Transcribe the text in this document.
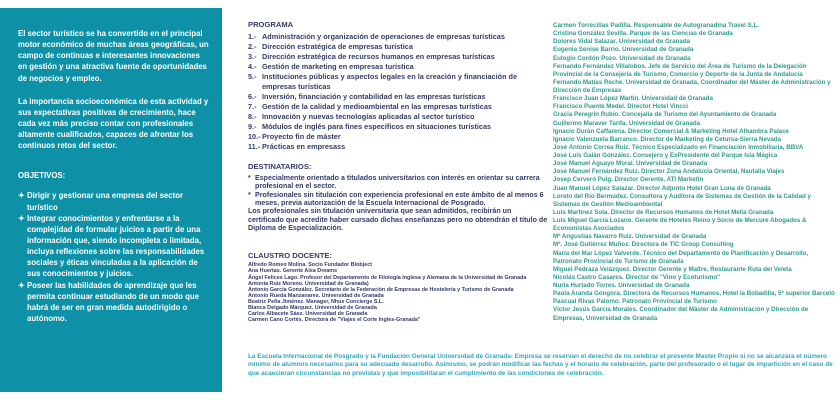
El sector turístico se ha convertido en el principal motor económico de muchas áreas geográficas, un campo de continuas e interesantes innovaciones en gestión y una atractiva fuente de oportunidades de negocios y empleo.

La importancia socioeconómica de esta actividad y sus expectativas positivas de crecimiento, hace cada vez más preciso contar con profesionales altamente cualificados, capaces de afrontar los continuos retos del sector.

OBJETIVOS:
✦ Dirigir y gestionar una empresa del sector turístico
✦ Integrar conocimientos y enfrentarse a la complejidad de formular juicios a partir de una información que, siendo incompleta o limitada, incluya reflexiones sobre las responsabilidades sociales y éticas vinculadas a la aplicación de sus conocimientos y juicios.
✦ Poseer las habilidades de aprendizaje que les permita continuar estudiando de un modo que habrá de ser en gran medida autodirigido o autónomo.
PROGRAMA
1.- Administración y organización de operaciones de empresas turísticas
2.- Dirección estratégica de empresas turística
3.- Dirección estratégica de recursos humanos en empresas turísticas
4.- Gestión de marketing en empresas turística
5.- Instituciones públicas y aspectos legales en la creación y financiación de empresas turísticas
6.- Inversión, financiación y contabilidad en las empresas turísticas
7.- Gestión de la calidad y medioambiental en las empresas turísticas
8.- Innovación y nuevas tecnologías aplicadas al sector turístico
9.- Módulos de inglés para fines específicos en situaciones turísticas
10.- Proyecto fin de máster
11.- Prácticas en empresass
DESTINATARIOS:
* Especialmente orientado a titulados universitarios con interés en orientar su carrera profesional en el sector.
* Profesionales sin titulación con experiencia profesional en este ámbito de al menos 6 meses, previa autorización de la Escuela Internacional de Posgrado.

Los profesionales sin titulación universitaria que sean admitidos, recibirán un certificado que acredite haber cursado dichas enseñanzas pero no obtendrán el título de Diploma de Especialización.

CLAUSTRO DOCENTE:
Alfredo Romeo Molina. Socio Fundador Blobject
Ana Huertas. Gerente Aixa Dreams
Ángel Felices Lago. Profesor del Departamento de Filología Inglesa y Alemana de la Universidad de Granada
Antonia Ruiz Moreno. Universidad de Granada)
Antonio García González. Secretario de la Federación de Empresas de Hostelería y Turismo de Granada
Antonio Rueda Manzanares. Universidad de Granada
Beatriz Peña Jiménez. Manager, Nhue Concierge S.L.
Blanca Delgado Márquez. Universidad de Granada
Carlos Albacete Sáez. Universidad de Granada
Carmen Cano Cortés. Directora de "Viajes el Corte Ingles-Granada"
Carmen Torrecillas Padilla. Responsable de Autogranadina Travel S.L.
Cristina González Sevilla. Parque de las Ciencias de Granada
Dolores Vidal Salazar. Universidad de Granada
Eugenia Senise Barrio. Universidad de Granada
Eulogio Cordón Pozo. Universidad de Granada
Fernando Fernández Villalobos. Jefe de Servicio del Área de Turismo de la Delegación Provincial de la Consejería de Turismo, Comercio y Deporte de la Junta de Andalucía
Fernando Matías Reche. Universidad de Granada, Coordinador del Máster de Administración y Dirección de Empresas
Francisco Juan López Martín. Universidad de Granada
Francisco Puente Medel. Director Hotel Vincci
Gracia Peregrin Rubio. Concejalía de Turismo del Ayuntamiento de Granada
Guillermo Maraver Tarifa. Universidad de Granada
Ignacio Durán Caffarena. Director Comercial & Marketing Hotel Alhambra Palace
Ignacio Valenzuela Barranco. Director de Marketing de Cetursa-Sierra Nevada
José Antonio Correa Ruiz. Técnico Especializado en Financiación Inmobiliaria, BBVA
José Luis Galán González. Consejero y ExPresidente del Parque Isla Mágica
José Manuel Aguayo Moral. Universidad de Granada
José Manuel Fernández Ruiz. Director Zona Andalucía Oriental, Nautalia Viajes
Josep Cerveró Puig. Director Gerente, ATI Marketin
Juan Manuel López Salazar. Director Adjunto Hotel Gran Luna de Granada
Loreto del Río Bermúdez. Consultora y Auditora de Sistemas de Gestión de la Calidad y Sistemas de Gestión Medioambiental
Luis Martínez Sola. Director de Recursos Humanos de Hotel Melía Granada
Luis Miguel García Lozano. Gerente de Hoteles Reino y Socio de Mercure Abogados & Economistas Asociados
Mª Angustias Navarro Ruiz. Universidad de Granada
Mª. José Gutiérrez Muñoz. Directora de TIC Group Consulting
María del Mar López Valverde. Técnico del Departamento de Planificación y Desarrollo, Patronato Provincial de Turismo de Granada
Miguel Pedraza Velázquez. Director Gerente y Maître, Restaurante Ruta del Veleta
Nicolás Castro Casares. Director de "Vino y Ecoturismo"
Nuria Hurtado Torres. Universidad de Granada
Paola Aranda Góngora. Directora de Recursos Humanos, Hotel la Bobadilla, 5* superior Barceló
Pascual Rivas Palomo. Patronato Provincial de Turismo
Víctor Jesús García Morales. Coordinador del Máster de Administración y Dirección de Empresas, Universidad de Granada
La Escuela Internacional de Posgrado y la Fundación General Universidad de Granada- Empresa se reservan el derecho de no celebrar el presente Master Propio si no se alcanzara el número mínimo de alumnos necesarios para su adecuado desarrollo. Asimismo, se podrán modificar las fechas y el horario de celebración, parte del profesorado o el lugar de impartición en el caso de que acaecieran circunstancias no previstas y que imposibilitaran el cumplimiento de las condiciones de celebración.
